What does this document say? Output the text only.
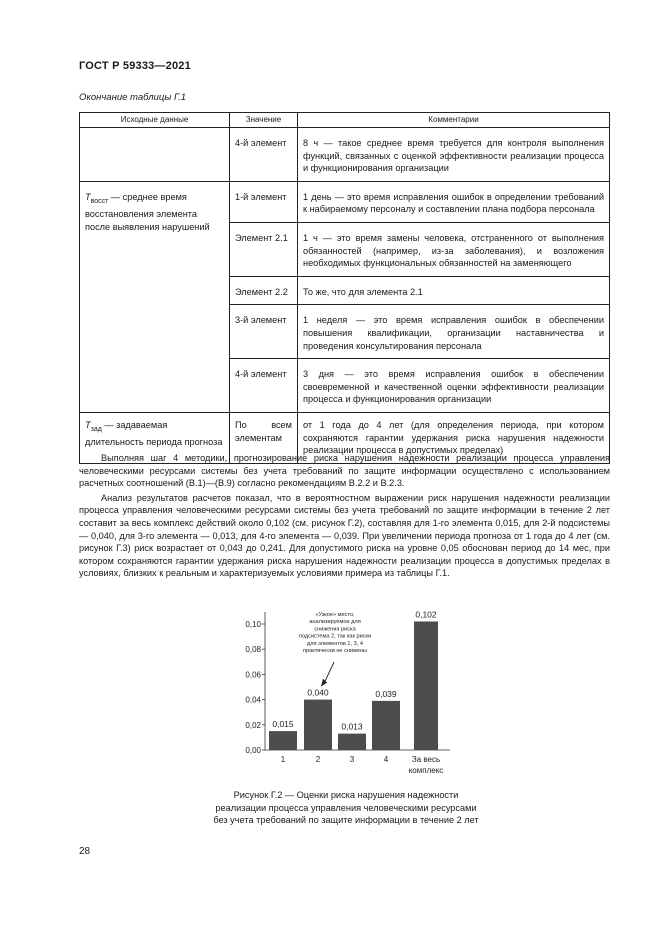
ГОСТ Р 59333—2021
Окончание таблицы Г.1
Исходные данные	Значение	Комментарии
	4-й элемент	8 ч — такое среднее время требуется для контроля выполнения функций, связанных с оценкой эффективности реализации процесса и функционирования организации
$T_{восст}$ — среднее время восстановления элемента после выявления нарушений	1-й элемент	1 день — это время исправления ошибок в определении требований к набираемому персоналу и составлении плана подбора персонала
	Элемент 2.1	1 ч — это время замены человека, отстраненного от выполнения обязанностей (например, из-за заболевания), и возложения необходимых функциональных обязанностей на заменяющего
	Элемент 2.2	То же, что для элемента 2.1
	3-й элемент	1 неделя — это время исправления ошибок в обеспечении повышения квалификации, организации наставничества и проведения консультирования персонала
	4-й элемент	3 дня — это время исправления ошибок в обеспечении своевременной и качественной оценки эффективности реализации процесса и функционирования организации
$T_{зад}$ — задаваемая длительность периода прогноза	По всем элементам	от 1 года до 4 лет (для определения периода, при котором сохраняются гарантии удержания риска нарушения надежности реализации процесса в допустимых пределах)

Выполняя шаг 4 методики, прогнозирование риска нарушения надежности реализации процесса управления человеческими ресурсами системы без учета требований по защите информации осуществлено с использованием расчетных соотношений (В.1)—(В.9) согласно рекомендациям В.2.2 и В.2.3.

Анализ результатов расчетов показал, что в вероятностном выражении риск нарушения надежности реализации процесса управления человеческими ресурсами системы без учета требований по защите информации в течение 2 лет составит за весь комплекс действий около 0,102 (см. рисунок Г.2), составляя для 1-го элемента 0,015, для 2-й подсистемы — 0,040, для 3-го элемента — 0,013, для 4-го элемента — 0,039. При увеличении периода прогноза от 1 года до 4 лет (см. рисунок Г.3) риск возрастает от 0,043 до 0,241. Для допустимого риска на уровне 0,05 обоснован период до 14 мес, при котором сохраняются гарантии удержания риска нарушения надежности реализации процесса в допустимых пределах в условиях, близких к реальным и характеризуемых условиями примера из таблицы Г.1.

0,00
0,02
0,04
0,06
0,08
0,10
0,015
0,040
0,013
0,039
0,102
1	2	3	4	За весь комплекс
«Узкое» место, анализируемое для снижения риска подсистема 2, так как риски для элементов 1, 3, 4 практически не снижены
Рисунок Г.2 — Оценки риска нарушения надежности реализации процесса управления человеческими ресурсами без учета требований по защите информации в течение 2 лет
28
